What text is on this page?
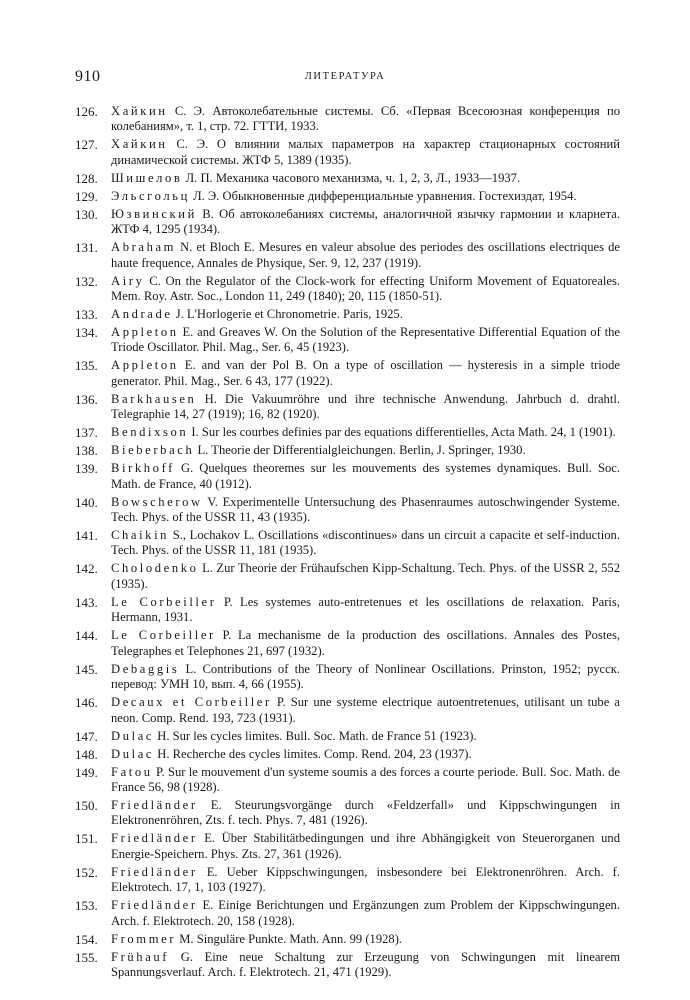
910	ЛИТЕРАТУРА
126.	Хайкин С. Э. Автоколебательные системы. Сб. «Первая Всесоюзная конференция по колебаниям», т. 1, стр. 72. ГТТИ, 1933.
127.	Хайкин С. Э. О влиянии малых параметров на характер стационарных состояний динамической системы. ЖТФ 5, 1389 (1935).
128.	Шишелов Л. П. Механика часового механизма, ч. 1, 2, 3, Л., 1933—1937.
129.	Эльсгольц Л. Э. Обыкновенные дифференциальные уравнения. Гостехиздат, 1954.
130.	Юзвинский В. Об автоколебаниях системы, аналогичной язычку гармонии и кларнета. ЖТФ 4, 1295 (1934).
131.	Abraham N. et Bloch E. Mesures en valeur absolue des periodes des oscillations electriques de haute frequence, Annales de Physique, Ser. 9, 12, 237 (1919).
132.	Airy C. On the Regulator of the Clock-work for effecting Uniform Movement of Equatoreales. Mem. Roy. Astr. Soc., London 11, 249 (1840); 20, 115 (1850-51).
133.	Andrade J. L'Horlogerie et Chronometrie. Paris, 1925.
134.	Appleton E. and Greaves W. On the Solution of the Representative Differential Equation of the Triode Oscillator. Phil. Mag., Ser. 6, 45 (1923).
135.	Appleton E. and van der Pol B. On a type of oscillation — hysteresis in a simple triode generator. Phil. Mag., Ser. 6 43, 177 (1922).
136.	Barkhausen H. Die Vakuumröhre und ihre technische Anwendung. Jahrbuch d. drahtl. Telegraphie 14, 27 (1919); 16, 82 (1920).
137.	Bendixson I. Sur les courbes definies par des equations differentielles, Acta Math. 24, 1 (1901).
138.	Bieberbach L. Theorie der Differentialgleichungen. Berlin, J. Springer, 1930.
139.	Birkhoff G. Quelques theoremes sur les mouvements des systemes dynamiques. Bull. Soc. Math. de France, 40 (1912).
140.	Bowscherow V. Experimentelle Untersuchung des Phasenraumes autoschwingender Systeme. Tech. Phys. of the USSR 11, 43 (1935).
141.	Chaikin S., Lochakov L. Oscillations «discontinues» dans un circuit a capacite et self-induction. Tech. Phys. of the USSR 11, 181 (1935).
142.	Cholodenko L. Zur Theorie der Frühaufschen Kipp-Schaltung. Tech. Phys. of the USSR 2, 552 (1935).
143.	Le Corbeiller P. Les systemes auto-entretenues et les oscillations de relaxation. Paris, Hermann, 1931.
144.	Le Corbeiller P. La mechanisme de la production des oscillations. Annales des Postes, Telegraphes et Telephones 21, 697 (1932).
145.	Debaggis L. Contributions of the Theory of Nonlinear Oscillations. Prinston, 1952; русск. перевод: УМН 10, вып. 4, 66 (1955).
146.	Decaux et Corbeiller P. Sur une systeme electrique autoentretenues, utilisant un tube a neon. Comp. Rend. 193, 723 (1931).
147.	Dulac H. Sur les cycles limites. Bull. Soc. Math. de France 51 (1923).
148.	Dulac H. Recherche des cycles limites. Comp. Rend. 204, 23 (1937).
149.	Fatou P. Sur le mouvement d'un systeme soumis a des forces a courte periode. Bull. Soc. Math. de France 56, 98 (1928).
150.	Friedländer E. Steurungsvorgänge durch «Feldzerfall» und Kippschwingungen in Elektronenröhren, Zts. f. tech. Phys. 7, 481 (1926).
151.	Friedländer E. Über Stabilitätbedingungen und ihre Abhängigkeit von Steuerorganen und Energie-Speichern. Phys. Zts. 27, 361 (1926).
152.	Friedländer E. Ueber Kippschwingungen, insbesondere bei Elektronenröhren. Arch. f. Elektrotech. 17, 1, 103 (1927).
153.	Friedländer E. Einige Berichtungen und Ergänzungen zum Problem der Kippschwingungen. Arch. f. Elektrotech. 20, 158 (1928).
154.	Frommer M. Singuläre Punkte. Math. Ann. 99 (1928).
155.	Frühauf G. Eine neue Schaltung zur Erzeugung von Schwingungen mit linearem Spannungsverlauf. Arch. f. Elektrotech. 21, 471 (1929).
